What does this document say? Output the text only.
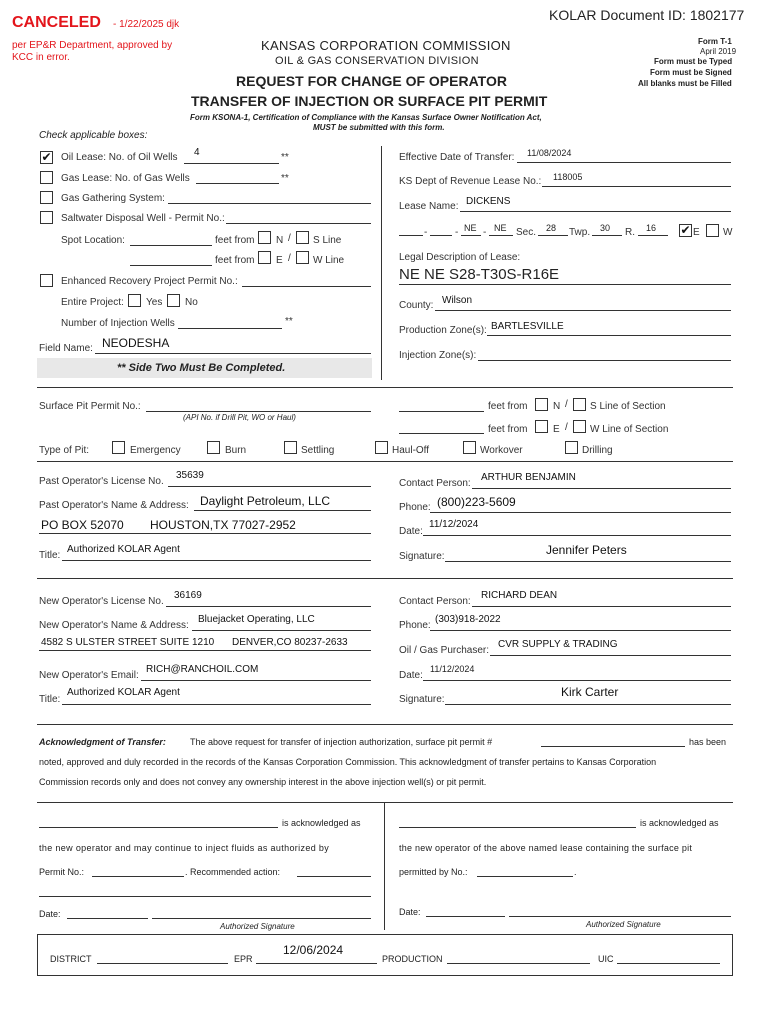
KOLAR Document ID: 1802177
CANCELED - 1/22/2025 djk
per EP&R Department, approved by
KCC in error.
KANSAS CORPORATION COMMISSION
OIL & GAS CONSERVATION DIVISION
Form T-1
April 2019
Form must be Typed
Form must be Signed
All blanks must be Filled
REQUEST FOR CHANGE OF OPERATOR
TRANSFER OF INJECTION OR SURFACE PIT PERMIT
Form KSONA-1, Certification of Compliance with the Kansas Surface Owner Notification Act,
MUST be submitted with this form.
Check applicable boxes:
✔ Oil Lease: No. of Oil Wells 4	**
Gas Lease: No. of Gas Wells	**
Gas Gathering System:
Saltwater Disposal Well - Permit No.:
Spot Location:	feet from N / S Line
feet from E / W Line
Enhanced Recovery Project Permit No.:
Entire Project: Yes No
Number of Injection Wells	**
Field Name: NEODESHA
** Side Two Must Be Completed.
Effective Date of Transfer: 11/08/2024
KS Dept of Revenue Lease No.: 118005
Lease Name: DICKENS
-	- NE - NE Sec. 28 Twp. 30 R. 16 ✔ E W
Legal Description of Lease:
NE NE S28-T30S-R16E
County: Wilson
Production Zone(s): BARTLESVILLE
Injection Zone(s):
Surface Pit Permit No.:
(API No. if Drill Pit, WO or Haul)
feet from	N / S Line of Section
feet from	E / W Line of Section
Type of Pit:	Emergency	Burn	Settling	Haul-Off	Workover	Drilling
Past Operator's License No.
35639
Past Operator's Name & Address: Daylight Petroleum, LLC
PO BOX 52070 HOUSTON,TX 77027-2952
Title:
Authorized KOLAR Agent
Contact Person:
ARTHUR BENJAMIN
Phone: (800)223-5609
Date:
11/12/2024
Signature:	Jennifer Peters
New Operator's License No.
36169
New Operator's Name & Address:
Bluejacket Operating, LLC
4582 S ULSTER STREET SUITE 1210 DENVER,CO 80237-2633
New Operator's Email:
RICH@RANCHOIL.COM
Title:
Authorized KOLAR Agent
Contact Person:
RICHARD DEAN
Phone:
(303)918-2022
Oil / Gas Purchaser:
CVR SUPPLY & TRADING
Date:
11/12/2024
Signature:
Kirk Carter
Acknowledgment of Transfer:	The above request for transfer of injection authorization, surface pit permit #	has been
noted, approved and duly recorded in the records of the Kansas Corporation Commission. This acknowledgment of transfer pertains to Kansas Corporation
Commission records only and does not convey any ownership interest in the above injection well(s) or pit permit.
is acknowledged as	is acknowledged as
the new operator and may continue to inject fluids as authorized by	the new operator of the above named lease containing the surface pit
Permit No.:	. Recommended action:	permitted by No.:	.
Date:
Authorized Signature
Date:
Authorized Signature
DISTRICT	EPR
12/06/2024
PRODUCTION	UIC
